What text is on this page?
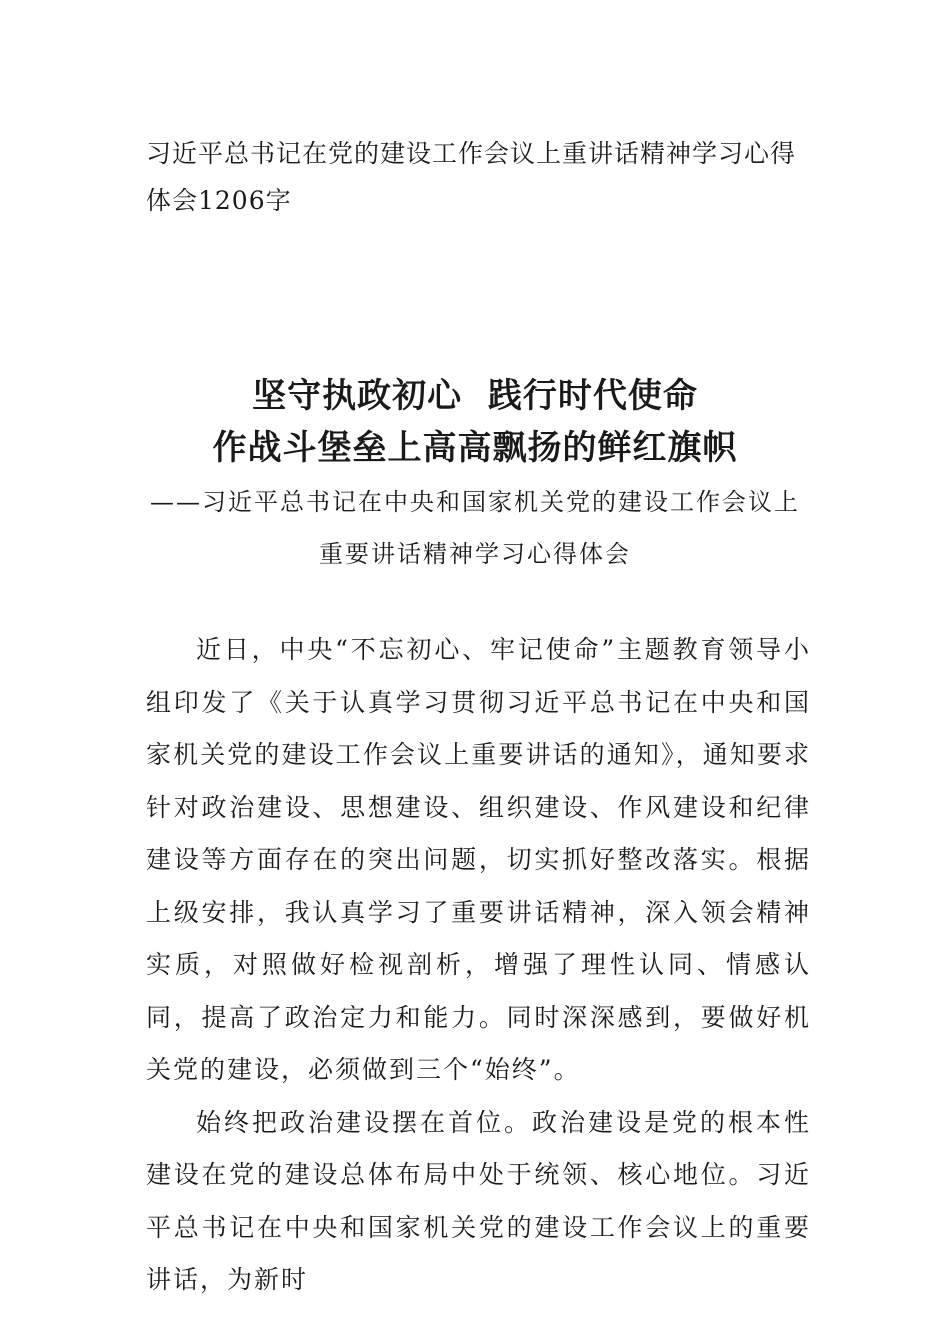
习近平总书记在党的建设工作会议上重讲话精神学习心得体会1206字
坚守执政初心  践行时代使命
作战斗堡垒上高高飘扬的鲜红旗帜

——习近平总书记在中央和国家机关党的建设工作会议上

重要讲话精神学习心得体会

近日，中央“不忘初心、牢记使命”主题教育领导小组印发了《关于认真学习贯彻习近平总书记在中央和国家机关党的建设工作会议上重要讲话的通知》，通知要求针对政治建设、思想建设、组织建设、作风建设和纪律建设等方面存在的突出问题，切实抓好整改落实。根据上级安排，我认真学习了重要讲话精神，深入领会精神实质，对照做好检视剖析，增强了理性认同、情感认同，提高了政治定力和能力。同时深深感到，要做好机关党的建设，必须做到三个“始终”。

始终把政治建设摆在首位。政治建设是党的根本性建设在党的建设总体布局中处于统领、核心地位。习近平总书记在中央和国家机关党的建设工作会议上的重要讲话，为新时
